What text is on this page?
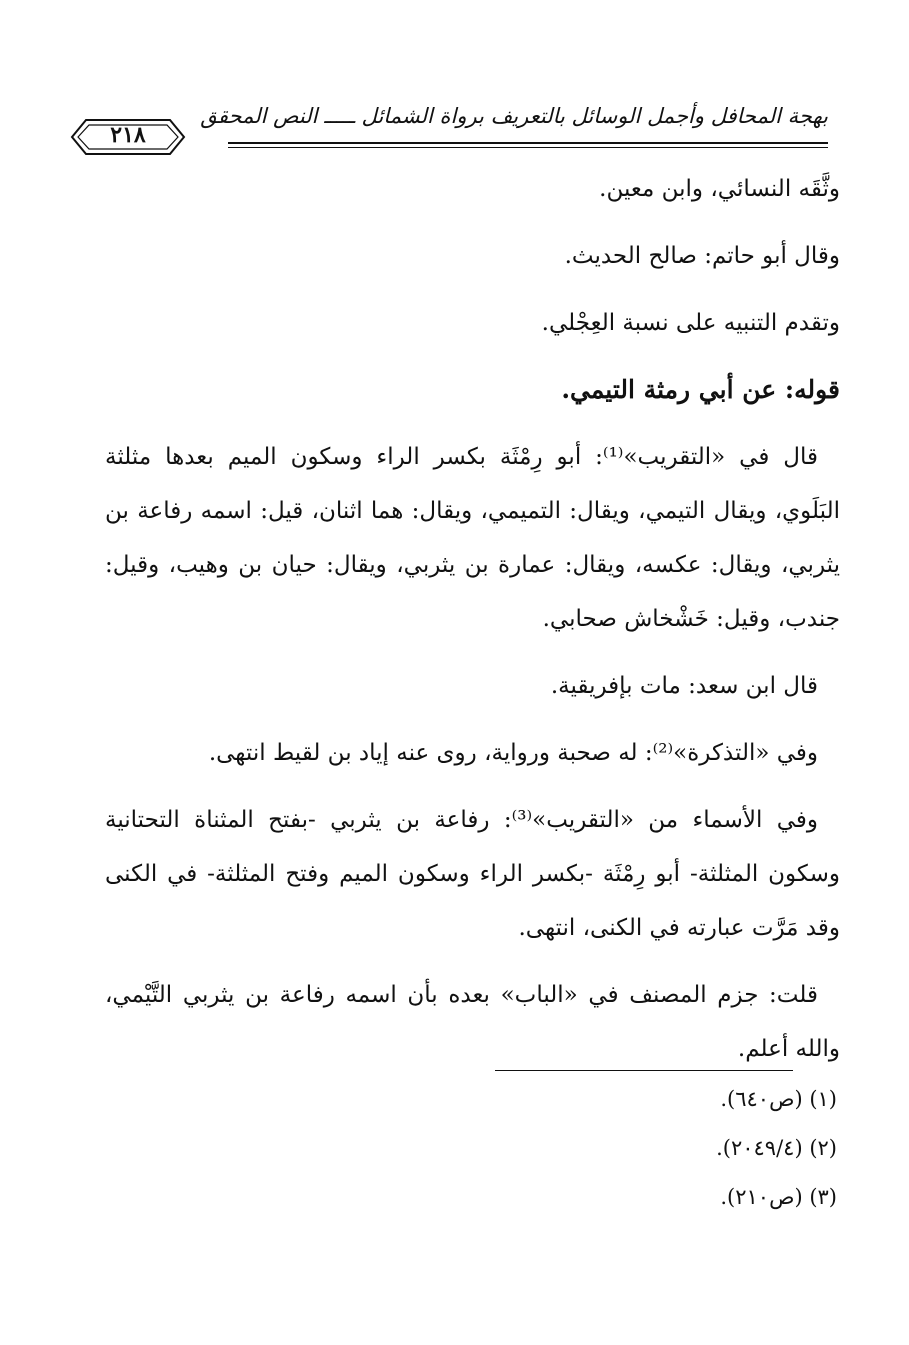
بهجة المحافل وأجمل الوسائل بالتعريف برواة الشمائل ـــــ النص المحقق
٢١٨

وثَّقَه النسائي، وابن معين.

وقال أبو حاتم: صالح الحديث.

وتقدم التنبيه على نسبة العِجْلي.

قوله: عن أبي رمثة التيمي.

قال في «التقريب»⁽¹⁾: أبو رِمْثَة بكسر الراء وسكون الميم بعدها مثلثة البَلَوي، ويقال التيمي، ويقال: التميمي، ويقال: هما اثنان، قيل: اسمه رفاعة بن يثربي، ويقال: عكسه، ويقال: عمارة بن يثربي، ويقال: حيان بن وهيب، وقيل: جندب، وقيل: خَشْخاش صحابي.

قال ابن سعد: مات بإفريقية.

وفي «التذكرة»⁽²⁾: له صحبة ورواية، روى عنه إياد بن لقيط انتهى.

وفي الأسماء من «التقريب»⁽³⁾: رفاعة بن يثربي -بفتح المثناة التحتانية وسكون المثلثة- أبو رِمْثَة -بكسر الراء وسكون الميم وفتح المثلثة- في الكنى وقد مَرَّت عبارته في الكنى، انتهى.

قلت: جزم المصنف في «الباب» بعده بأن اسمه رفاعة بن يثربي التَّيْمي، والله أعلم.

(١) (ص٦٤٠).

(٢) (٢٠٤٩/٤).

(٣) (ص٢١٠).
